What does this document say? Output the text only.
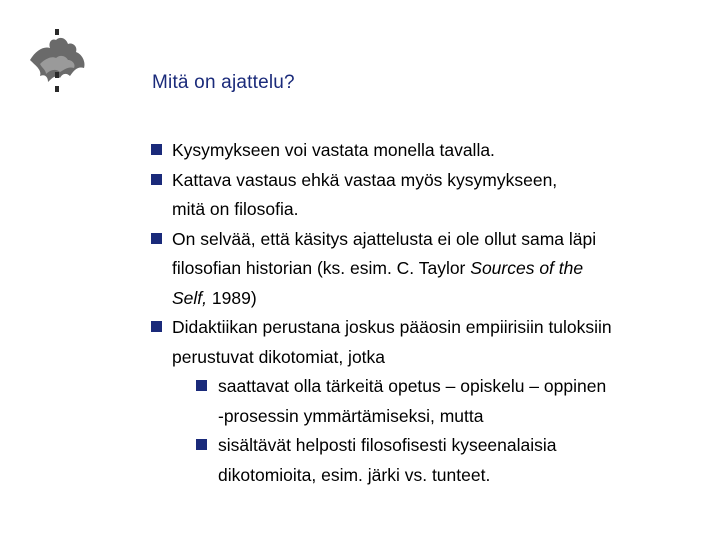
Mitä on ajattelu?
Kysymykseen voi vastata monella tavalla.
Kattava vastaus ehkä vastaa myös kysymykseen,
mitä on filosofia.
On selvää, että käsitys ajattelusta ei ole ollut sama läpi
filosofian historian (ks. esim. C. Taylor Sources of the
Self, 1989)
Didaktiikan perustana joskus pääosin empiirisiin tuloksiin
perustuvat dikotomiat, jotka
saattavat olla tärkeitä opetus – opiskelu – oppinen
-prosessin ymmärtämiseksi, mutta
sisältävät helposti filosofisesti kyseenalaisia
dikotomioita, esim. järki vs. tunteet.
